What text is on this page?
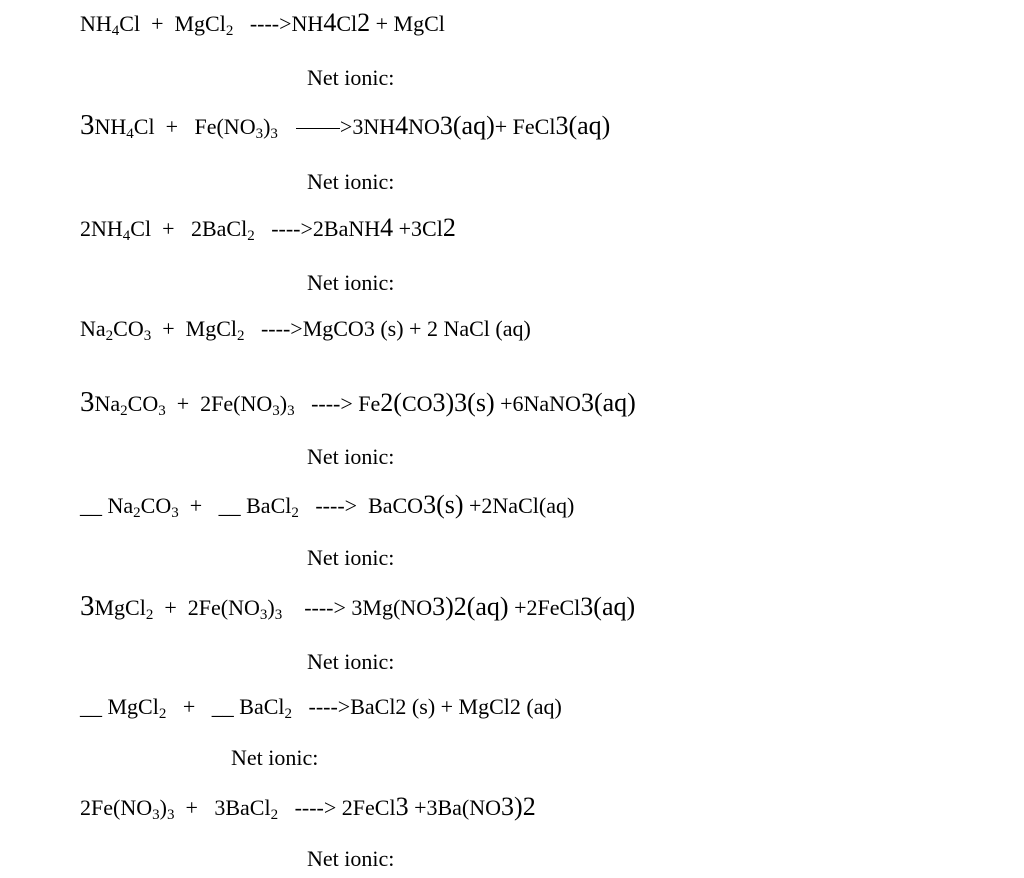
$NH_4Cl$  +  MgCl$_2$   ---->NH4Cl2 + MgCl
$3NH_4Cl + Fe(NO_3)_3$	>3NH4NO3(aq)+ FeCl3(aq)
$2NH_4Cl$  +   2BaCl$_2$   ---->2BaNH4 +3Cl2
$Na_2CO_3$  +  MgCl$_2$   ---->MgCO3 (s) + 2 NaCl (aq)
$3Na_2CO_3 + 2Fe(NO_3)_3$   ----> Fe2(CO3)3(s) +6NaNO3(aq)
__ $Na_2CO_3$  +   __ BaCl$_2$   ---->  BaCO3(s) +2NaCl(aq)
3MgCl$_2$  +  $2Fe(NO_3)_3$    ----> 3Mg(NO3)2(aq) +2FeCl3(aq)
__ MgCl$_2$   +   __ BaCl$_2$   ---->BaCl2 (s) + MgCl2 (aq)
$2Fe(NO_3)_3$  +   3BaCl$_2$   ----> 2FeCl3 +3Ba(NO3)2
Net ionic:
Net ionic:
Net ionic:
Net ionic:
Net ionic:
Net ionic:
Net ionic:
Net ionic:
